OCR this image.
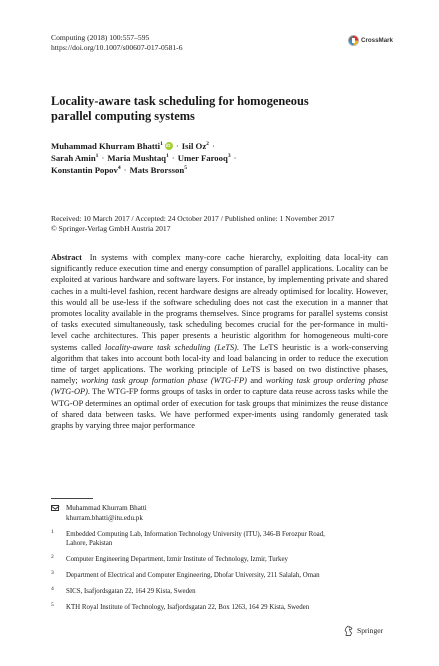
Computing (2018) 100:557–595
https://doi.org/10.1007/s00607-017-0581-6
CrossMark
Locality-aware task scheduling for homogeneous
parallel computing systems
Muhammad Khurram Bhatti$^1$iD · Isil $Oz^2$ ·
Sarah Amin$^1$ · Maria Mushtaq$^1$ · Umer Farooq$^3$ ·
Konstantin Popov$^4$ · Mats Brorsson$^5$
Received: 10 March 2017 / Accepted: 24 October 2017 / Published online: 1 November 2017
© Springer-Verlag GmbH Austria 2017
Abstract In systems with complex many-core cache hierarchy, exploiting data local-ity can significantly reduce execution time and energy consumption of parallel applications. Locality can be exploited at various hardware and software layers. For instance, by implementing private and shared caches in a multi-level fashion, recent hardware designs are already optimised for locality. However, this would all be use-less if the software scheduling does not cast the execution in a manner that promotes locality available in the programs themselves. Since programs for parallel systems consist of tasks executed simultaneously, task scheduling becomes crucial for the per-formance in multi-level cache architectures. This paper presents a heuristic algorithm for homogeneous multi-core systems called locality-aware task scheduling (LeTS). The LeTS heuristic is a work-conserving algorithm that takes into account both local-ity and load balancing in order to reduce the execution time of target applications. The working principle of LeTS is based on two distinctive phases, namely; working task group formation phase (WTG-FP) and working task group ordering phase (WTG-OP). The WTG-FP forms groups of tasks in order to capture data reuse across tasks while the WTG-OP determines an optimal order of execution for task groups that minimizes the reuse distance of shared data between tasks. We have performed exper-iments using randomly generated task graphs by varying three major performance
Muhammad Khurram Bhatti
khurram.bhatti@itu.edu.pk
1 Embedded Computing Lab, Information Technology University (ITU), 346-B Ferozpur Road,
Lahore, Pakistan
2 Computer Engineering Department, Izmir Institute of Technology, Izmir, Turkey
3 Department of Electrical and Computer Engineering, Dhofar University, 211 Salalah, Oman
4 SICS, Isafjordsgatan 22, 164 29 Kista, Sweden
5 KTH Royal Institute of Technology, Isafjordsgatan 22, Box 1263, 164 29 Kista, Sweden
Springer
